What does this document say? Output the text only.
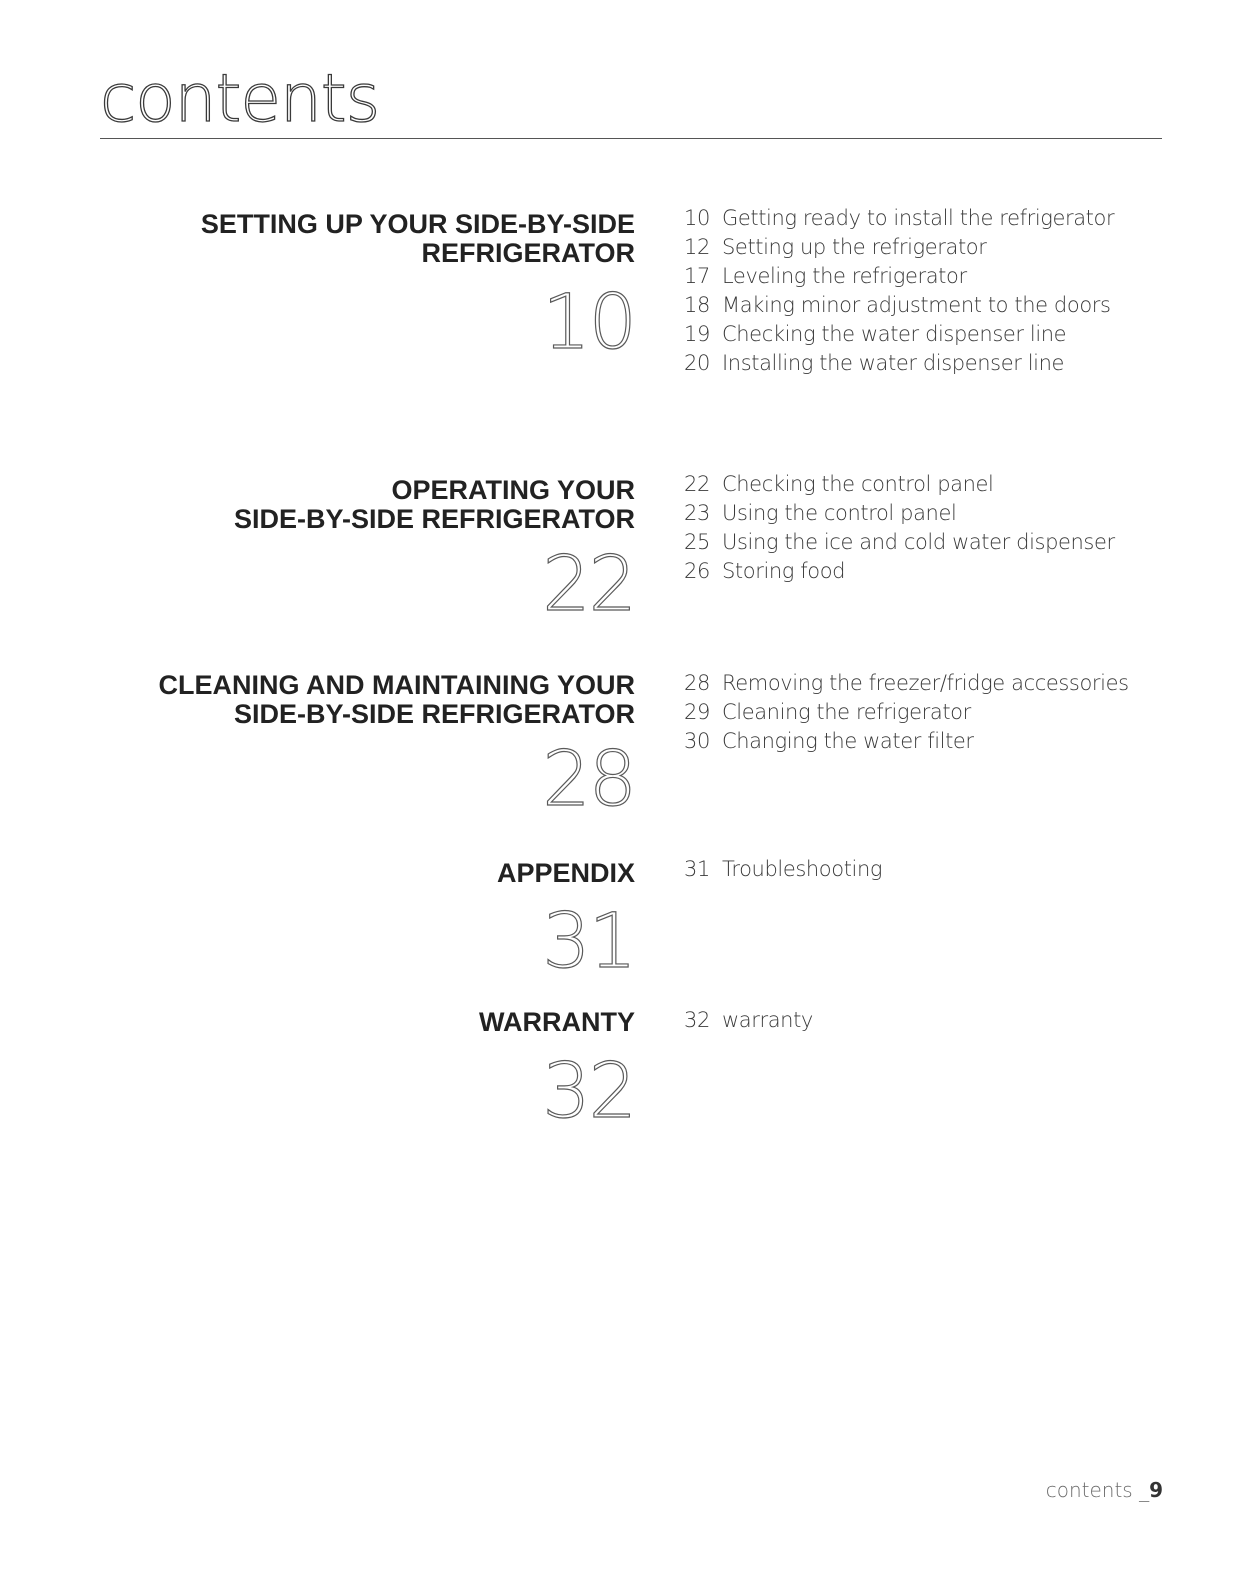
contents
SETTING UP YOUR SIDE-BY-SIDE
REFRIGERATOR
10
10 Getting ready to install the refrigerator
12 Setting up the refrigerator
17 Leveling the refrigerator
18 Making minor adjustment to the doors
19 Checking the water dispenser line
20 Installing the water dispenser line
OPERATING YOUR
SIDE-BY-SIDE REFRIGERATOR
22
22 Checking the control panel
23 Using the control panel
25 Using the ice and cold water dispenser
26 Storing food
CLEANING AND MAINTAINING YOUR
SIDE-BY-SIDE REFRIGERATOR
28
28 Removing the freezer/fridge accessories
29 Cleaning the refrigerator
30 Changing the water filter
APPENDIX
31
31 Troubleshooting
WARRANTY
32
32 warranty
contents _9
